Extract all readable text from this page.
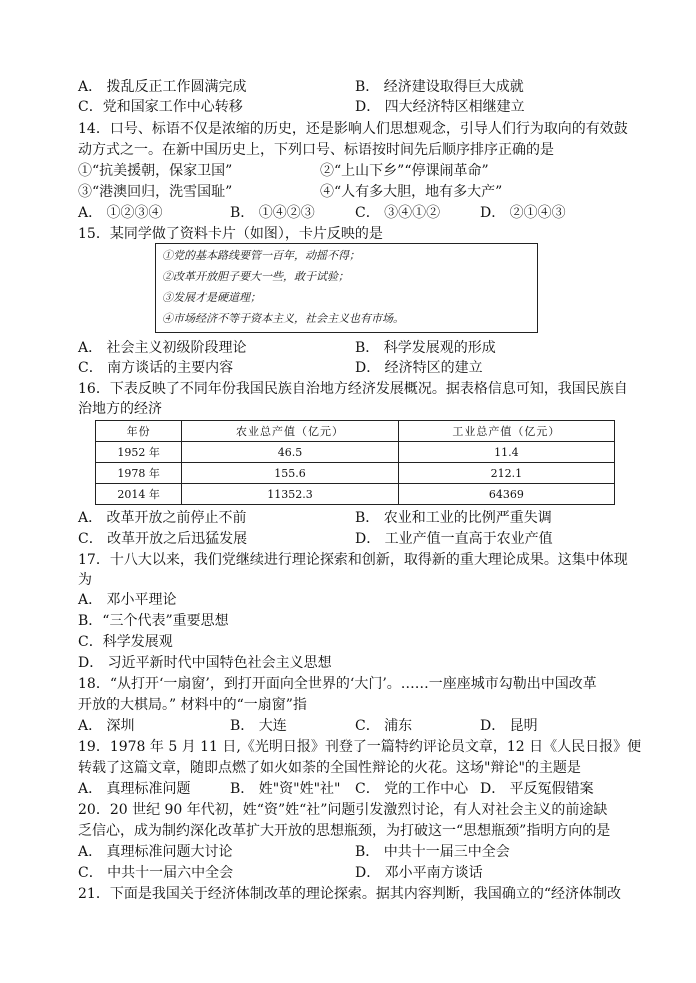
A． 拨乱反正工作圆满完成	B． 经济建设取得巨大成就
C．党和国家工作中心转移	D． 四大经济特区相继建立
14．口号、标语不仅是浓缩的历史，还是影响人们思想观念，引导人们行为取向的有效鼓
动方式之一。在新中国历史上，下列口号、标语按时间先后顺序排序正确的是
①“抗美援朝，保家卫国”	②“上山下乡”“停课闹革命”
③“港澳回归，洗雪国耻”	④“人有多大胆，地有多大产”
A． ①②③④	B． ①④②③	C． ③④①②	D． ②①④③
15．某同学做了资料卡片（如图），卡片反映的是
①党的基本路线要管一百年，动摇不得；
②改革开放胆子要大一些，敢于试验；
③发展才是硬道理；
④市场经济不等于资本主义，社会主义也有市场。
A． 社会主义初级阶段理论	B． 科学发展观的形成
C． 南方谈话的主要内容	D． 经济特区的建立
16．下表反映了不同年份我国民族自治地方经济发展概况。据表格信息可知，我国民族自
治地方的经济
年份	农业总产值（亿元）	工业总产值（亿元）
1952 年	46.5	11.4
1978 年	155.6	212.1
2014 年	11352.3	64369
A． 改革开放之前停止不前	B． 农业和工业的比例严重失调
C． 改革开放之后迅猛发展	D． 工业产值一直高于农业产值
17．十八大以来，我们党继续进行理论探索和创新，取得新的重大理论成果。这集中体现
为
A． 邓小平理论
B．“三个代表”重要思想
C．科学发展观
D． 习近平新时代中国特色社会主义思想
18．“从打开‘一扇窗’，到打开面向全世界的‘大门’。……一座座城市勾勒出中国改革
开放的大棋局。” 材料中的“一扇窗”指
A． 深圳	B． 大连	C． 浦东	D． 昆明
19．1978 年 5 月 11 日,《光明日报》刊登了一篇特约评论员文章，12 日《人民日报》便
转载了这篇文章，随即点燃了如火如荼的全国性辩论的火花。这场"辩论"的主题是
A． 真理标准问题	B． 姓"资"姓"社" C． 党的工作中心 D． 平反冤假错案
20．20 世纪 90 年代初，姓“资”姓“社”问题引发激烈讨论，有人对社会主义的前途缺
乏信心，成为制约深化改革扩大开放的思想瓶颈，为打破这一“思想瓶颈”指明方向的是
A． 真理标准问题大讨论	B． 中共十一届三中全会
C． 中共十一届六中全会	D． 邓小平南方谈话
21．下面是我国关于经济体制改革的理论探索。据其内容判断，我国确立的“经济体制改
